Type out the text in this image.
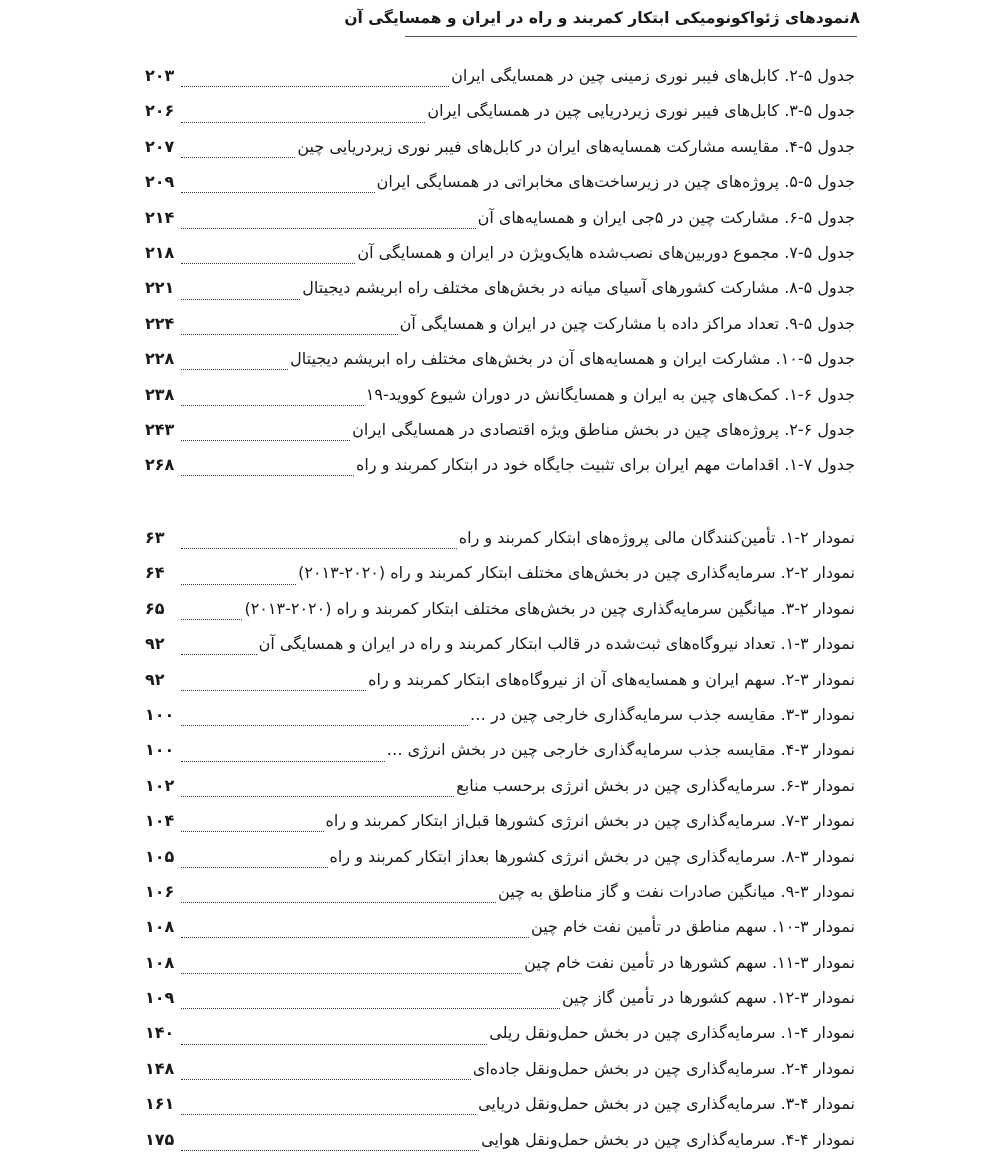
۸
نمودهای ژئواکونومیکی ابتکار کمربند و راه در ایران و همسایگی آن
جدول ۵-۲. کابل‌های فیبر نوری زمینی چین در همسایگی ایران
۲۰۳
جدول ۵-۳. کابل‌های فیبر نوری زیردریایی چین در همسایگی ایران
۲۰۶
جدول ۵-۴. مقایسه مشارکت همسایه‌های ایران در کابل‌های فیبر نوری زیردریایی چین
۲۰۷
جدول ۵-۵. پروژه‌های چین در زیرساخت‌های مخابراتی در همسایگی ایران
۲۰۹
جدول ۵-۶. مشارکت چین در ۵جی ایران و همسایه‌های آن
۲۱۴
جدول ۵-۷. مجموع دوربین‌های نصب‌شده هایک‌ویژن در ایران و همسایگی آن
۲۱۸
جدول ۵-۸. مشارکت کشورهای آسیای میانه در بخش‌های مختلف راه ابریشم دیجیتال
۲۲۱
جدول ۵-۹. تعداد مراکز داده با مشارکت چین در ایران و همسایگی آن
۲۲۴
جدول ۵-۱۰. مشارکت ایران و همسایه‌های آن در بخش‌های مختلف راه ابریشم دیجیتال
۲۲۸
جدول ۶-۱. کمک‌های چین به ایران و همسایگانش در دوران شیوع کووید-۱۹
۲۳۸
جدول ۶-۲. پروژه‌های چین در بخش مناطق ویژه اقتصادی در همسایگی ایران
۲۴۳
جدول ۷-۱. اقدامات مهم ایران برای تثبیت جایگاه خود در ابتکار کمربند و راه
۲۶۸
نمودار ۲-۱. تأمین‌کنندگان مالی پروژه‌های ابتکار کمربند و راه
۶۳
نمودار ۲-۲. سرمایه‌گذاری چین در بخش‌های مختلف ابتکار کمربند و راه (۲۰۲۰-۲۰۱۳)
۶۴
نمودار ۲-۳. میانگین سرمایه‌گذاری چین در بخش‌های مختلف ابتکار کمربند و راه (۲۰۲۰-۲۰۱۳)
۶۵
نمودار ۳-۱. تعداد نیروگاه‌های ثبت‌شده در قالب ابتکار کمربند و راه در ایران و همسایگی آن
۹۲
نمودار ۳-۲. سهم ایران و همسایه‌های آن از نیروگاه‌های ابتکار کمربند و راه
۹۲
نمودار ۳-۳. مقایسه جذب سرمایه‌گذاری خارجی چین در …
۱۰۰
نمودار ۳-۴. مقایسه جذب سرمایه‌گذاری خارجی چین در بخش انرژی …
۱۰۰
نمودار ۳-۶. سرمایه‌گذاری چین در بخش انرژی برحسب منابع
۱۰۲
نمودار ۳-۷. سرمایه‌گذاری چین در بخش انرژی کشورها قبل‌از ابتکار کمربند و راه
۱۰۴
نمودار ۳-۸. سرمایه‌گذاری چین در بخش انرژی کشورها بعداز ابتکار کمربند و راه
۱۰۵
نمودار ۳-۹. میانگین صادرات نفت و گاز مناطق به چین
۱۰۶
نمودار ۳-۱۰. سهم مناطق در تأمین نفت خام چین
۱۰۸
نمودار ۳-۱۱. سهم کشورها در تأمین نفت خام چین
۱۰۸
نمودار ۳-۱۲. سهم کشورها در تأمین گاز چین
۱۰۹
نمودار ۴-۱. سرمایه‌گذاری چین در بخش حمل‌ونقل ریلی
۱۴۰
نمودار ۴-۲. سرمایه‌گذاری چین در بخش حمل‌ونقل جاده‌ای
۱۴۸
نمودار ۴-۳. سرمایه‌گذاری چین در بخش حمل‌ونقل دریایی
۱۶۱
نمودار ۴-۴. سرمایه‌گذاری چین در بخش حمل‌ونقل هوایی
۱۷۵
